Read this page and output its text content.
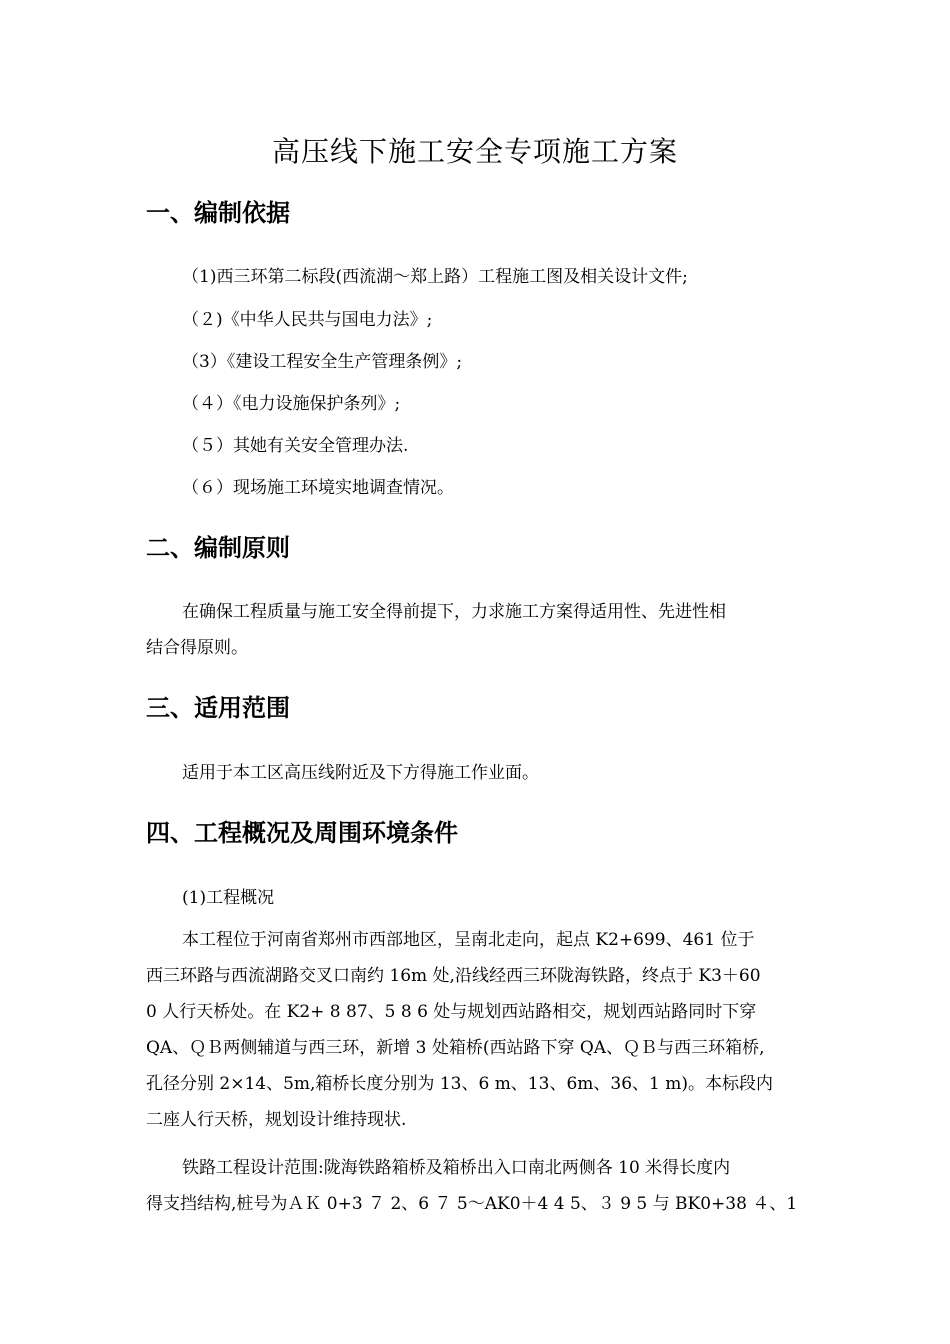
高压线下施工安全专项施工方案
一、编制依据
（1)西三环第二标段(西流湖～郑上路）工程施工图及相关设计文件;
（２)《中华人民共与国电力法》;
（3）《建设工程安全生产管理条例》;
（４）《电力设施保护条列》;
（５）其她有关安全管理办法.
（６）现场施工环境实地调查情况。
二、编制原则
在确保工程质量与施工安全得前提下，力求施工方案得适用性、先进性相
结合得原则。
三、适用范围
适用于本工区高压线附近及下方得施工作业面。
四、工程概况及周围环境条件
(1)工程概况
本工程位于河南省郑州市西部地区，呈南北走向，起点 K2+699、461 位于
西三环路与西流湖路交叉口南约 16m 处,沿线经西三环陇海铁路，终点于 K3＋60
0 人行天桥处。在 K2+ 8 87、5 8 6 处与规划西站路相交，规划西站路同时下穿
QA、ＱＢ两侧辅道与西三环，新增 3 处箱桥(西站路下穿 QA、ＱＢ与西三环箱桥,
孔径分别 2×14、5m,箱桥长度分别为 13、6 m、13、6m、36、1 m)。本标段内
二座人行天桥，规划设计维持现状.
铁路工程设计范围:陇海铁路箱桥及箱桥出入口南北两侧各 10 米得长度内
得支挡结构,桩号为ＡＫ 0+3 ７ 2、6 ７ 5～AK0＋4 4 5、３ 9 5 与 BK0+38 ４、1
